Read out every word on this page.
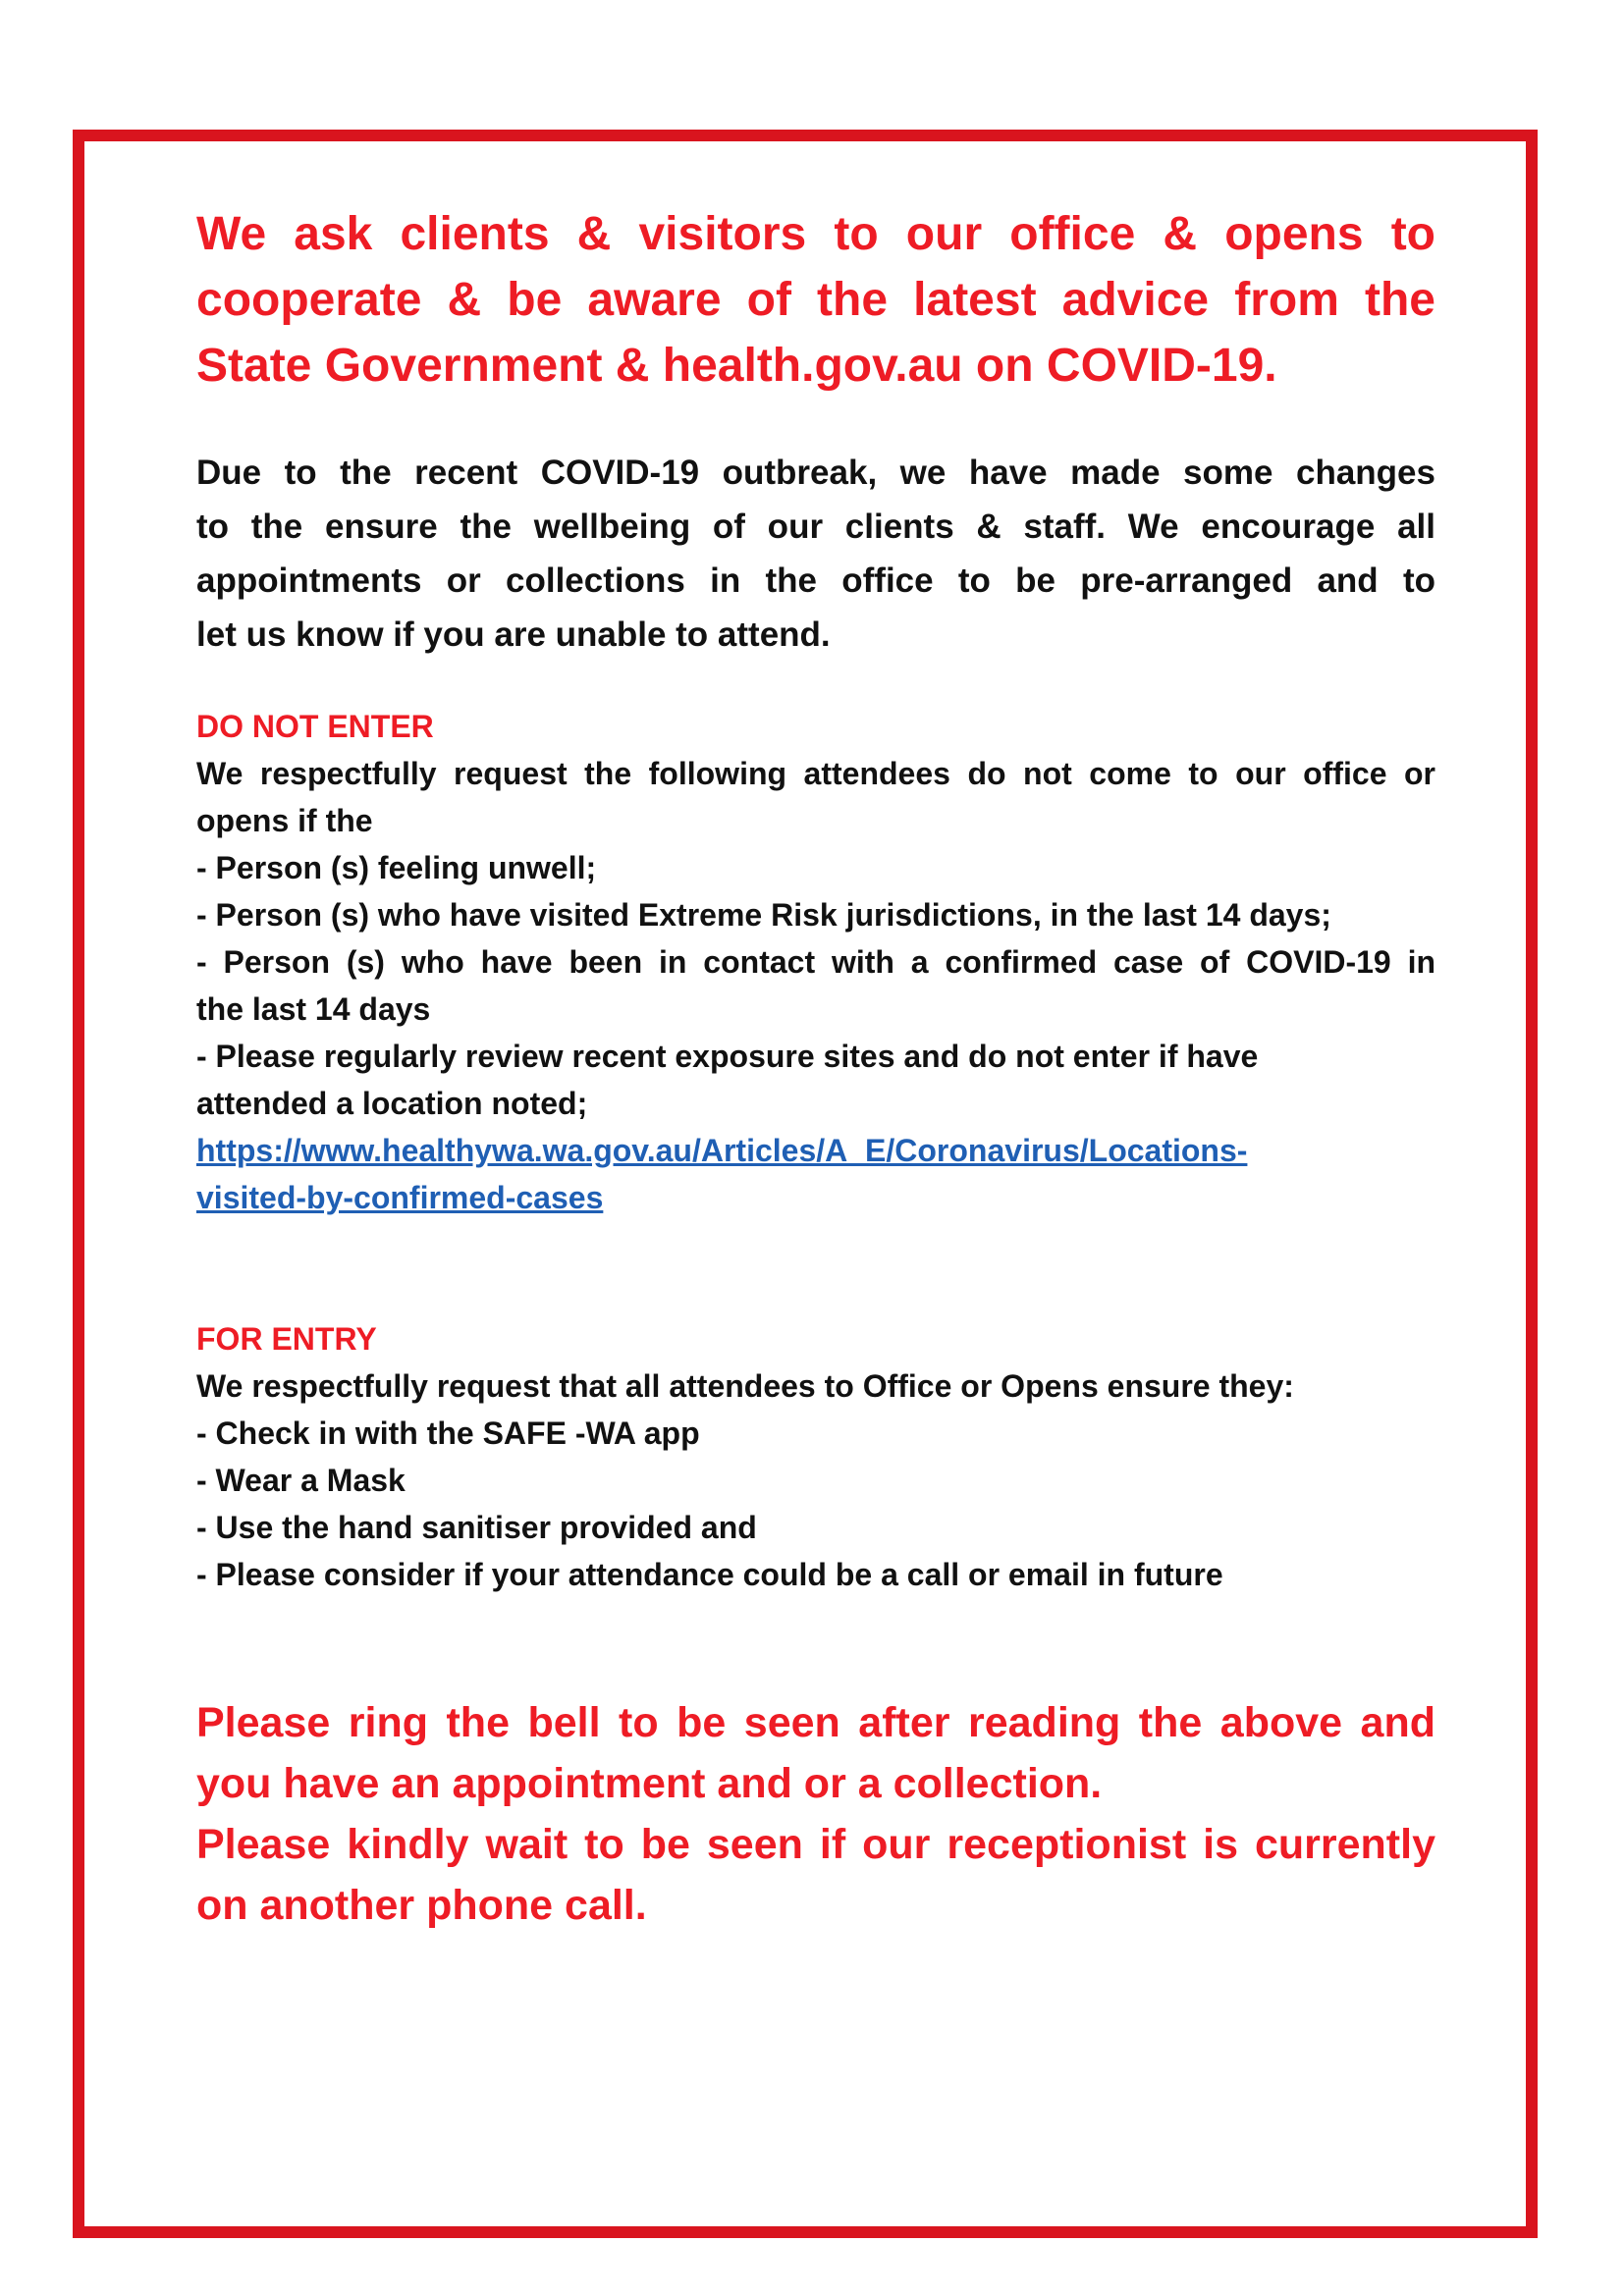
We ask clients & visitors to our office & opens to

cooperate & be aware of the latest advice from the

State Government & health.gov.au on COVID-19.

Due to the recent COVID-19 outbreak, we have made some changes
to the ensure the wellbeing of our clients & staff. We encourage all
appointments or collections in the office to be pre-arranged and to
let us know if you are unable to attend.

DO NOT ENTER

We respectfully request the following attendees do not come to our office or
opens if the
- Person (s) feeling unwell;
- Person (s) who have visited Extreme Risk jurisdictions, in the last 14 days;
- Person (s) who have been in contact with a confirmed case of COVID-19 in
the last 14 days
- Please regularly review recent exposure sites and do not enter if have
attended a location noted;
https://www.healthywa.wa.gov.au/Articles/A_E/Coronavirus/Locations-
visited-by-confirmed-cases

FOR ENTRY

We respectfully request that all attendees to Office or Opens ensure they:
- Check in with the SAFE -WA app
- Wear a Mask
- Use the hand sanitiser provided and
- Please consider if your attendance could be a call or email in future
Please ring the bell to be seen after reading the above and
you have an appointment and or a collection.
Please kindly wait to be seen if our receptionist is currently
on another phone call.
